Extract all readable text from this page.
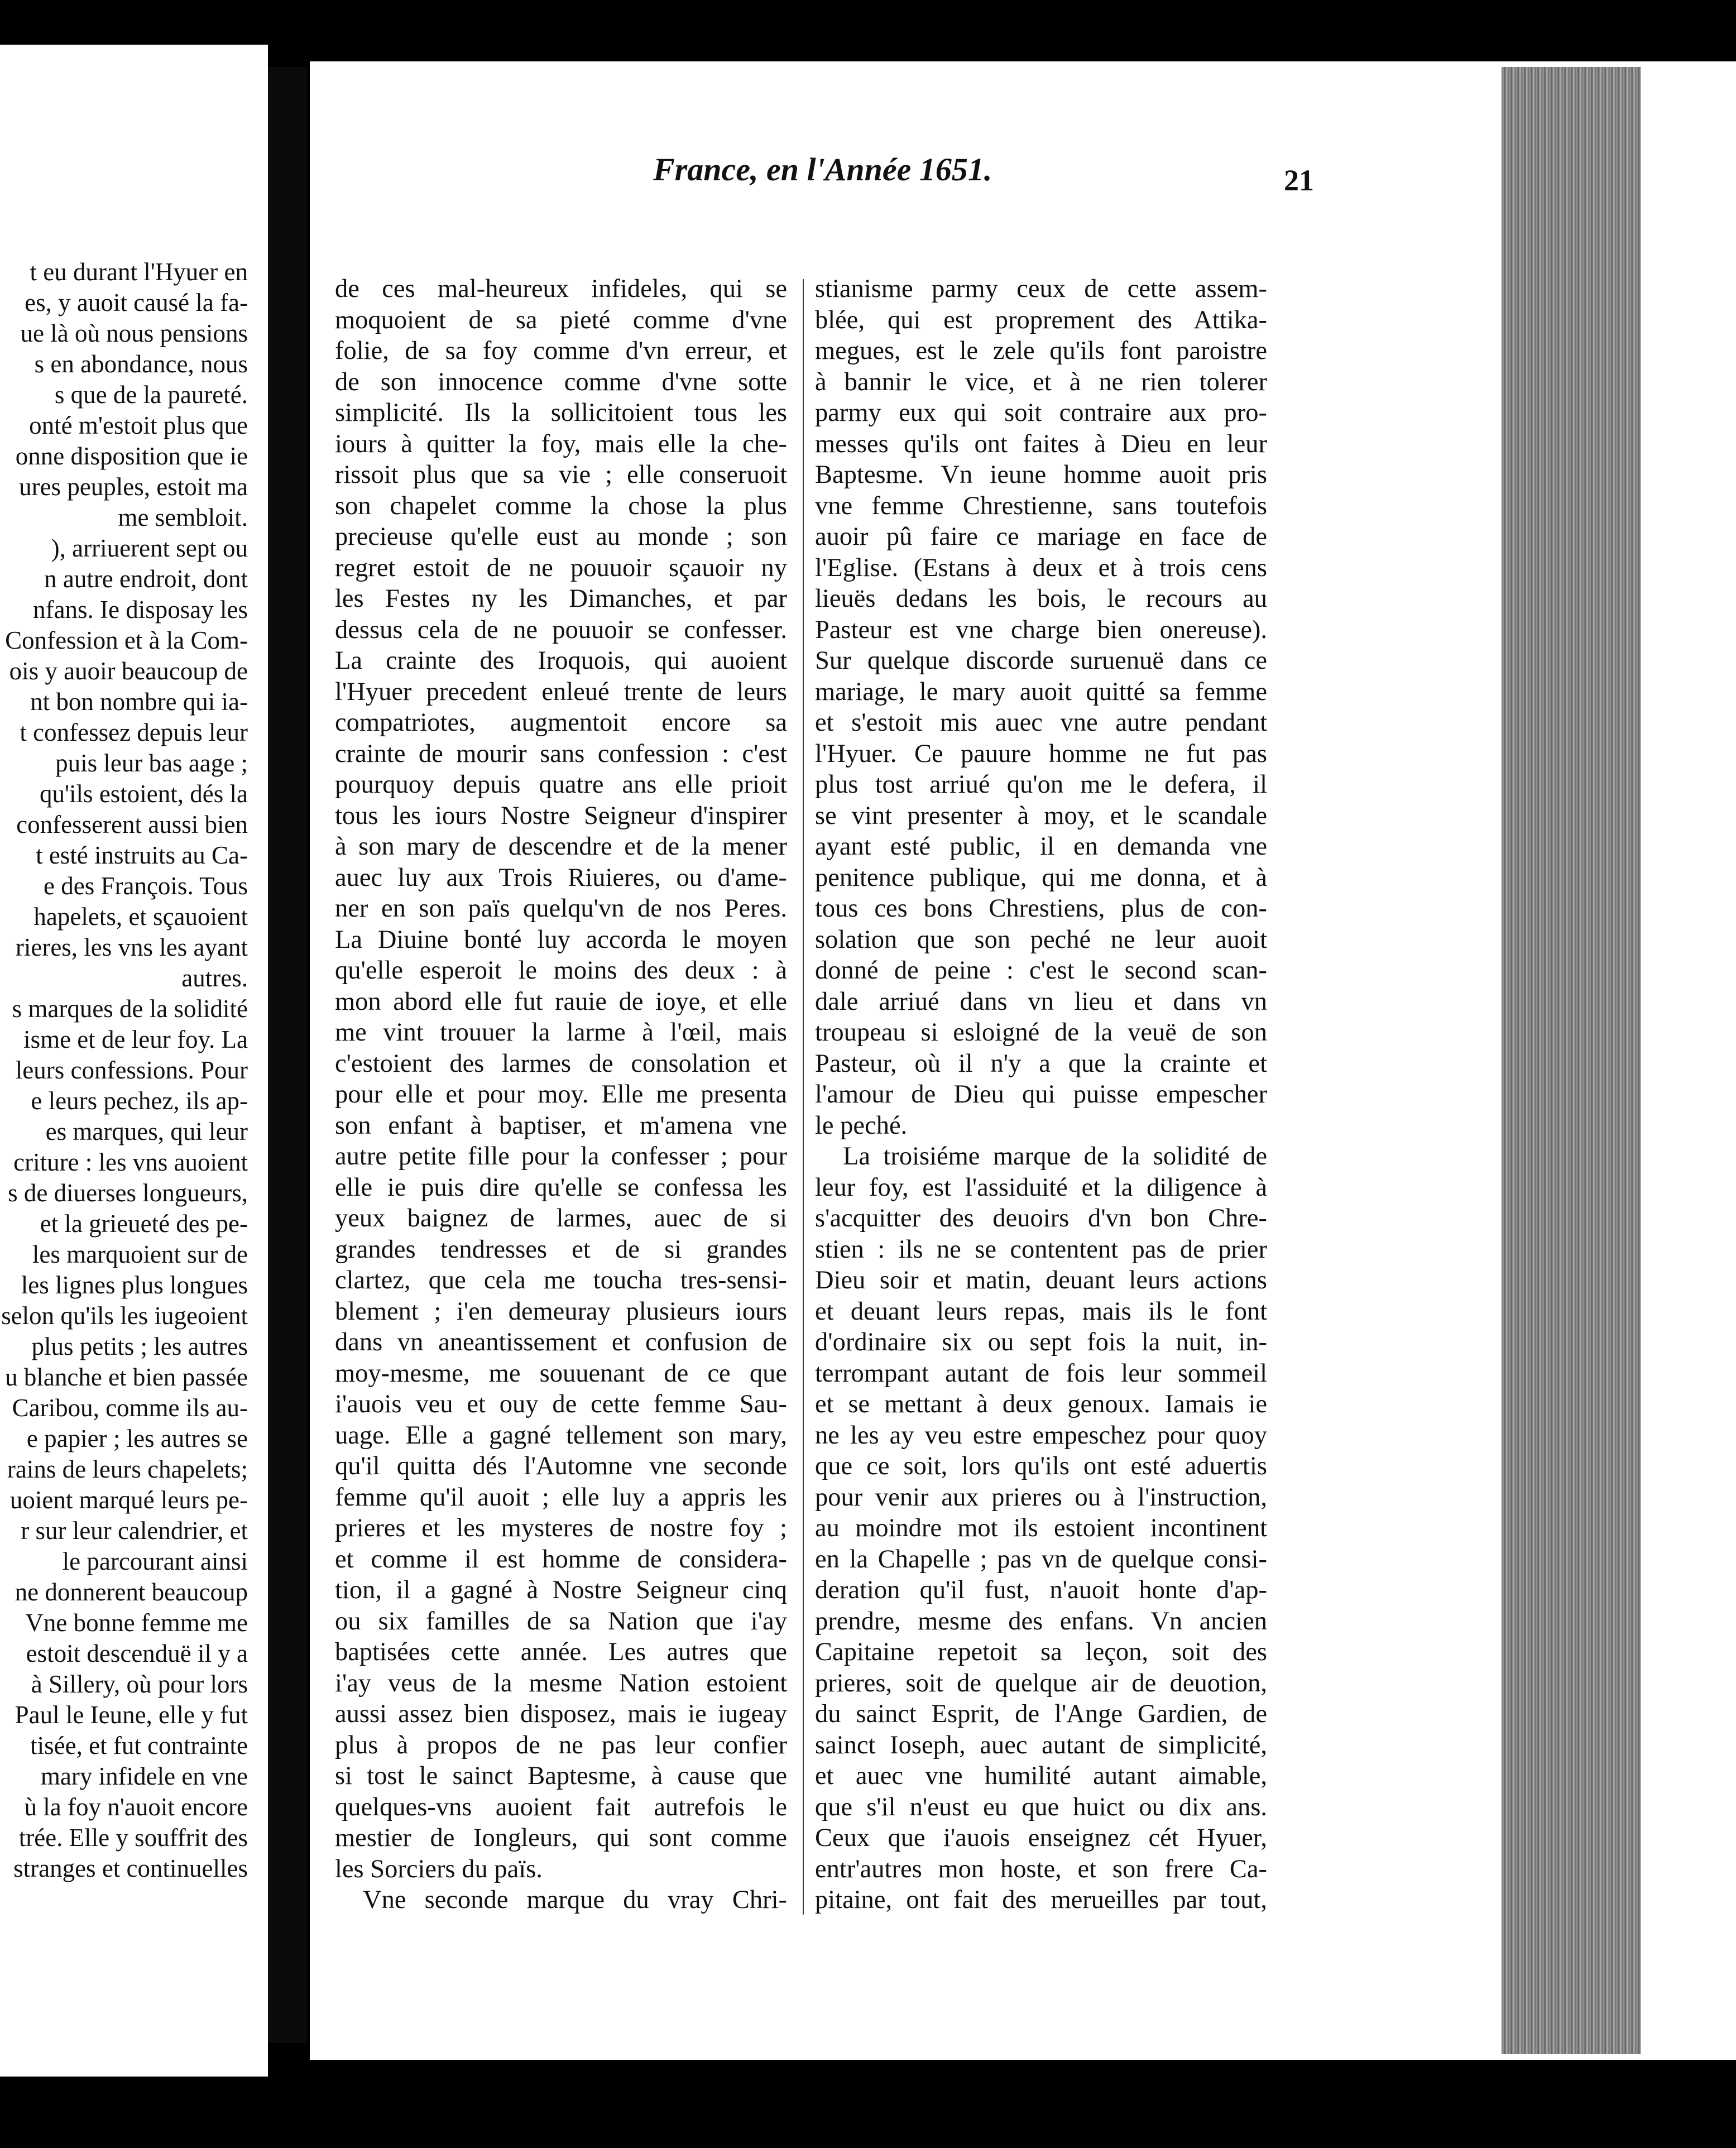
t eu durant l'Hyuer en
es, y auoit causé la fa-
ue là où nous pensions
s en abondance, nous
s que de la paureté.
onté m'estoit plus que
onne disposition que ie
ures peuples, estoit ma
me sembloit.
), arriuerent sept ou
n autre endroit, dont
nfans. Ie disposay les
Confession et à la Com-
ois y auoir beaucoup de
nt bon nombre qui ia-
t confessez depuis leur
puis leur bas aage ;
qu'ils estoient, dés la
confesserent aussi bien
t esté instruits au Ca-
e des François. Tous
hapelets, et sçauoient
rieres, les vns les ayant
autres.
s marques de la solidité
isme et de leur foy. La
leurs confessions. Pour
e leurs pechez, ils ap-
es marques, qui leur
criture : les vns auoient
s de diuerses longueurs,
et la grieueté des pe-
les marquoient sur de
les lignes plus longues
selon qu'ils les iugeoient
plus petits ; les autres
u blanche et bien passée
Caribou, comme ils au-
e papier ; les autres se
rains de leurs chapelets;
uoient marqué leurs pe-
r sur leur calendrier, et
le parcourant ainsi
ne donnerent beaucoup
Vne bonne femme me
estoit descenduë il y a
à Sillery, où pour lors
Paul le Ieune, elle y fut
tisée, et fut contrainte
mary infidele en vne
ù la foy n'auoit encore
trée. Elle y souffrit des
stranges et continuelles
France, en l'Année 1651.	21
de ces mal-heureux infideles, qui se
moquoient de sa pieté comme d'vne
folie, de sa foy comme d'vn erreur, et
de son innocence comme d'vne sotte
simplicité. Ils la sollicitoient tous les
iours à quitter la foy, mais elle la che-
rissoit plus que sa vie ; elle conseruoit
son chapelet comme la chose la plus
precieuse qu'elle eust au monde ; son
regret estoit de ne pouuoir sçauoir ny
les Festes ny les Dimanches, et par
dessus cela de ne pouuoir se confesser.
La crainte des Iroquois, qui auoient
l'Hyuer precedent enleué trente de leurs
compatriotes, augmentoit encore sa
crainte de mourir sans confession : c'est
pourquoy depuis quatre ans elle prioit
tous les iours Nostre Seigneur d'inspirer
à son mary de descendre et de la mener
auec luy aux Trois Riuieres, ou d'ame-
ner en son païs quelqu'vn de nos Peres.
La Diuine bonté luy accorda le moyen
qu'elle esperoit le moins des deux : à
mon abord elle fut rauie de ioye, et elle
me vint trouuer la larme à l'œil, mais
c'estoient des larmes de consolation et
pour elle et pour moy. Elle me presenta
son enfant à baptiser, et m'amena vne
autre petite fille pour la confesser ; pour
elle ie puis dire qu'elle se confessa les
yeux baignez de larmes, auec de si
grandes tendresses et de si grandes
clartez, que cela me toucha tres-sensi-
blement ; i'en demeuray plusieurs iours
dans vn aneantissement et confusion de
moy-mesme, me souuenant de ce que
i'auois veu et ouy de cette femme Sau-
uage. Elle a gagné tellement son mary,
qu'il quitta dés l'Automne vne seconde
femme qu'il auoit ; elle luy a appris les
prieres et les mysteres de nostre foy ;
et comme il est homme de considera-
tion, il a gagné à Nostre Seigneur cinq
ou six familles de sa Nation que i'ay
baptisées cette année. Les autres que
i'ay veus de la mesme Nation estoient
aussi assez bien disposez, mais ie iugeay
plus à propos de ne pas leur confier
si tost le sainct Baptesme, à cause que
quelques-vns auoient fait autrefois le
mestier de Iongleurs, qui sont comme
les Sorciers du païs.
Vne seconde marque du vray Chri-
stianisme parmy ceux de cette assem-
blée, qui est proprement des Attika-
megues, est le zele qu'ils font paroistre
à bannir le vice, et à ne rien tolerer
parmy eux qui soit contraire aux pro-
messes qu'ils ont faites à Dieu en leur
Baptesme. Vn ieune homme auoit pris
vne femme Chrestienne, sans toutefois
auoir pû faire ce mariage en face de
l'Eglise. (Estans à deux et à trois cens
lieuës dedans les bois, le recours au
Pasteur est vne charge bien onereuse).
Sur quelque discorde suruenuë dans ce
mariage, le mary auoit quitté sa femme
et s'estoit mis auec vne autre pendant
l'Hyuer. Ce pauure homme ne fut pas
plus tost arriué qu'on me le defera, il
se vint presenter à moy, et le scandale
ayant esté public, il en demanda vne
penitence publique, qui me donna, et à
tous ces bons Chrestiens, plus de con-
solation que son peché ne leur auoit
donné de peine : c'est le second scan-
dale arriué dans vn lieu et dans vn
troupeau si esloigné de la veuë de son
Pasteur, où il n'y a que la crainte et
l'amour de Dieu qui puisse empescher
le peché.
La troisiéme marque de la solidité de
leur foy, est l'assiduité et la diligence à
s'acquitter des deuoirs d'vn bon Chre-
stien : ils ne se contentent pas de prier
Dieu soir et matin, deuant leurs actions
et deuant leurs repas, mais ils le font
d'ordinaire six ou sept fois la nuit, in-
terrompant autant de fois leur sommeil
et se mettant à deux genoux. Iamais ie
ne les ay veu estre empeschez pour quoy
que ce soit, lors qu'ils ont esté aduertis
pour venir aux prieres ou à l'instruction,
au moindre mot ils estoient incontinent
en la Chapelle ; pas vn de quelque consi-
deration qu'il fust, n'auoit honte d'ap-
prendre, mesme des enfans. Vn ancien
Capitaine repetoit sa leçon, soit des
prieres, soit de quelque air de deuotion,
du sainct Esprit, de l'Ange Gardien, de
sainct Ioseph, auec autant de simplicité,
et auec vne humilité autant aimable,
que s'il n'eust eu que huict ou dix ans.
Ceux que i'auois enseignez cét Hyuer,
entr'autres mon hoste, et son frere Ca-
pitaine, ont fait des merueilles par tout,
